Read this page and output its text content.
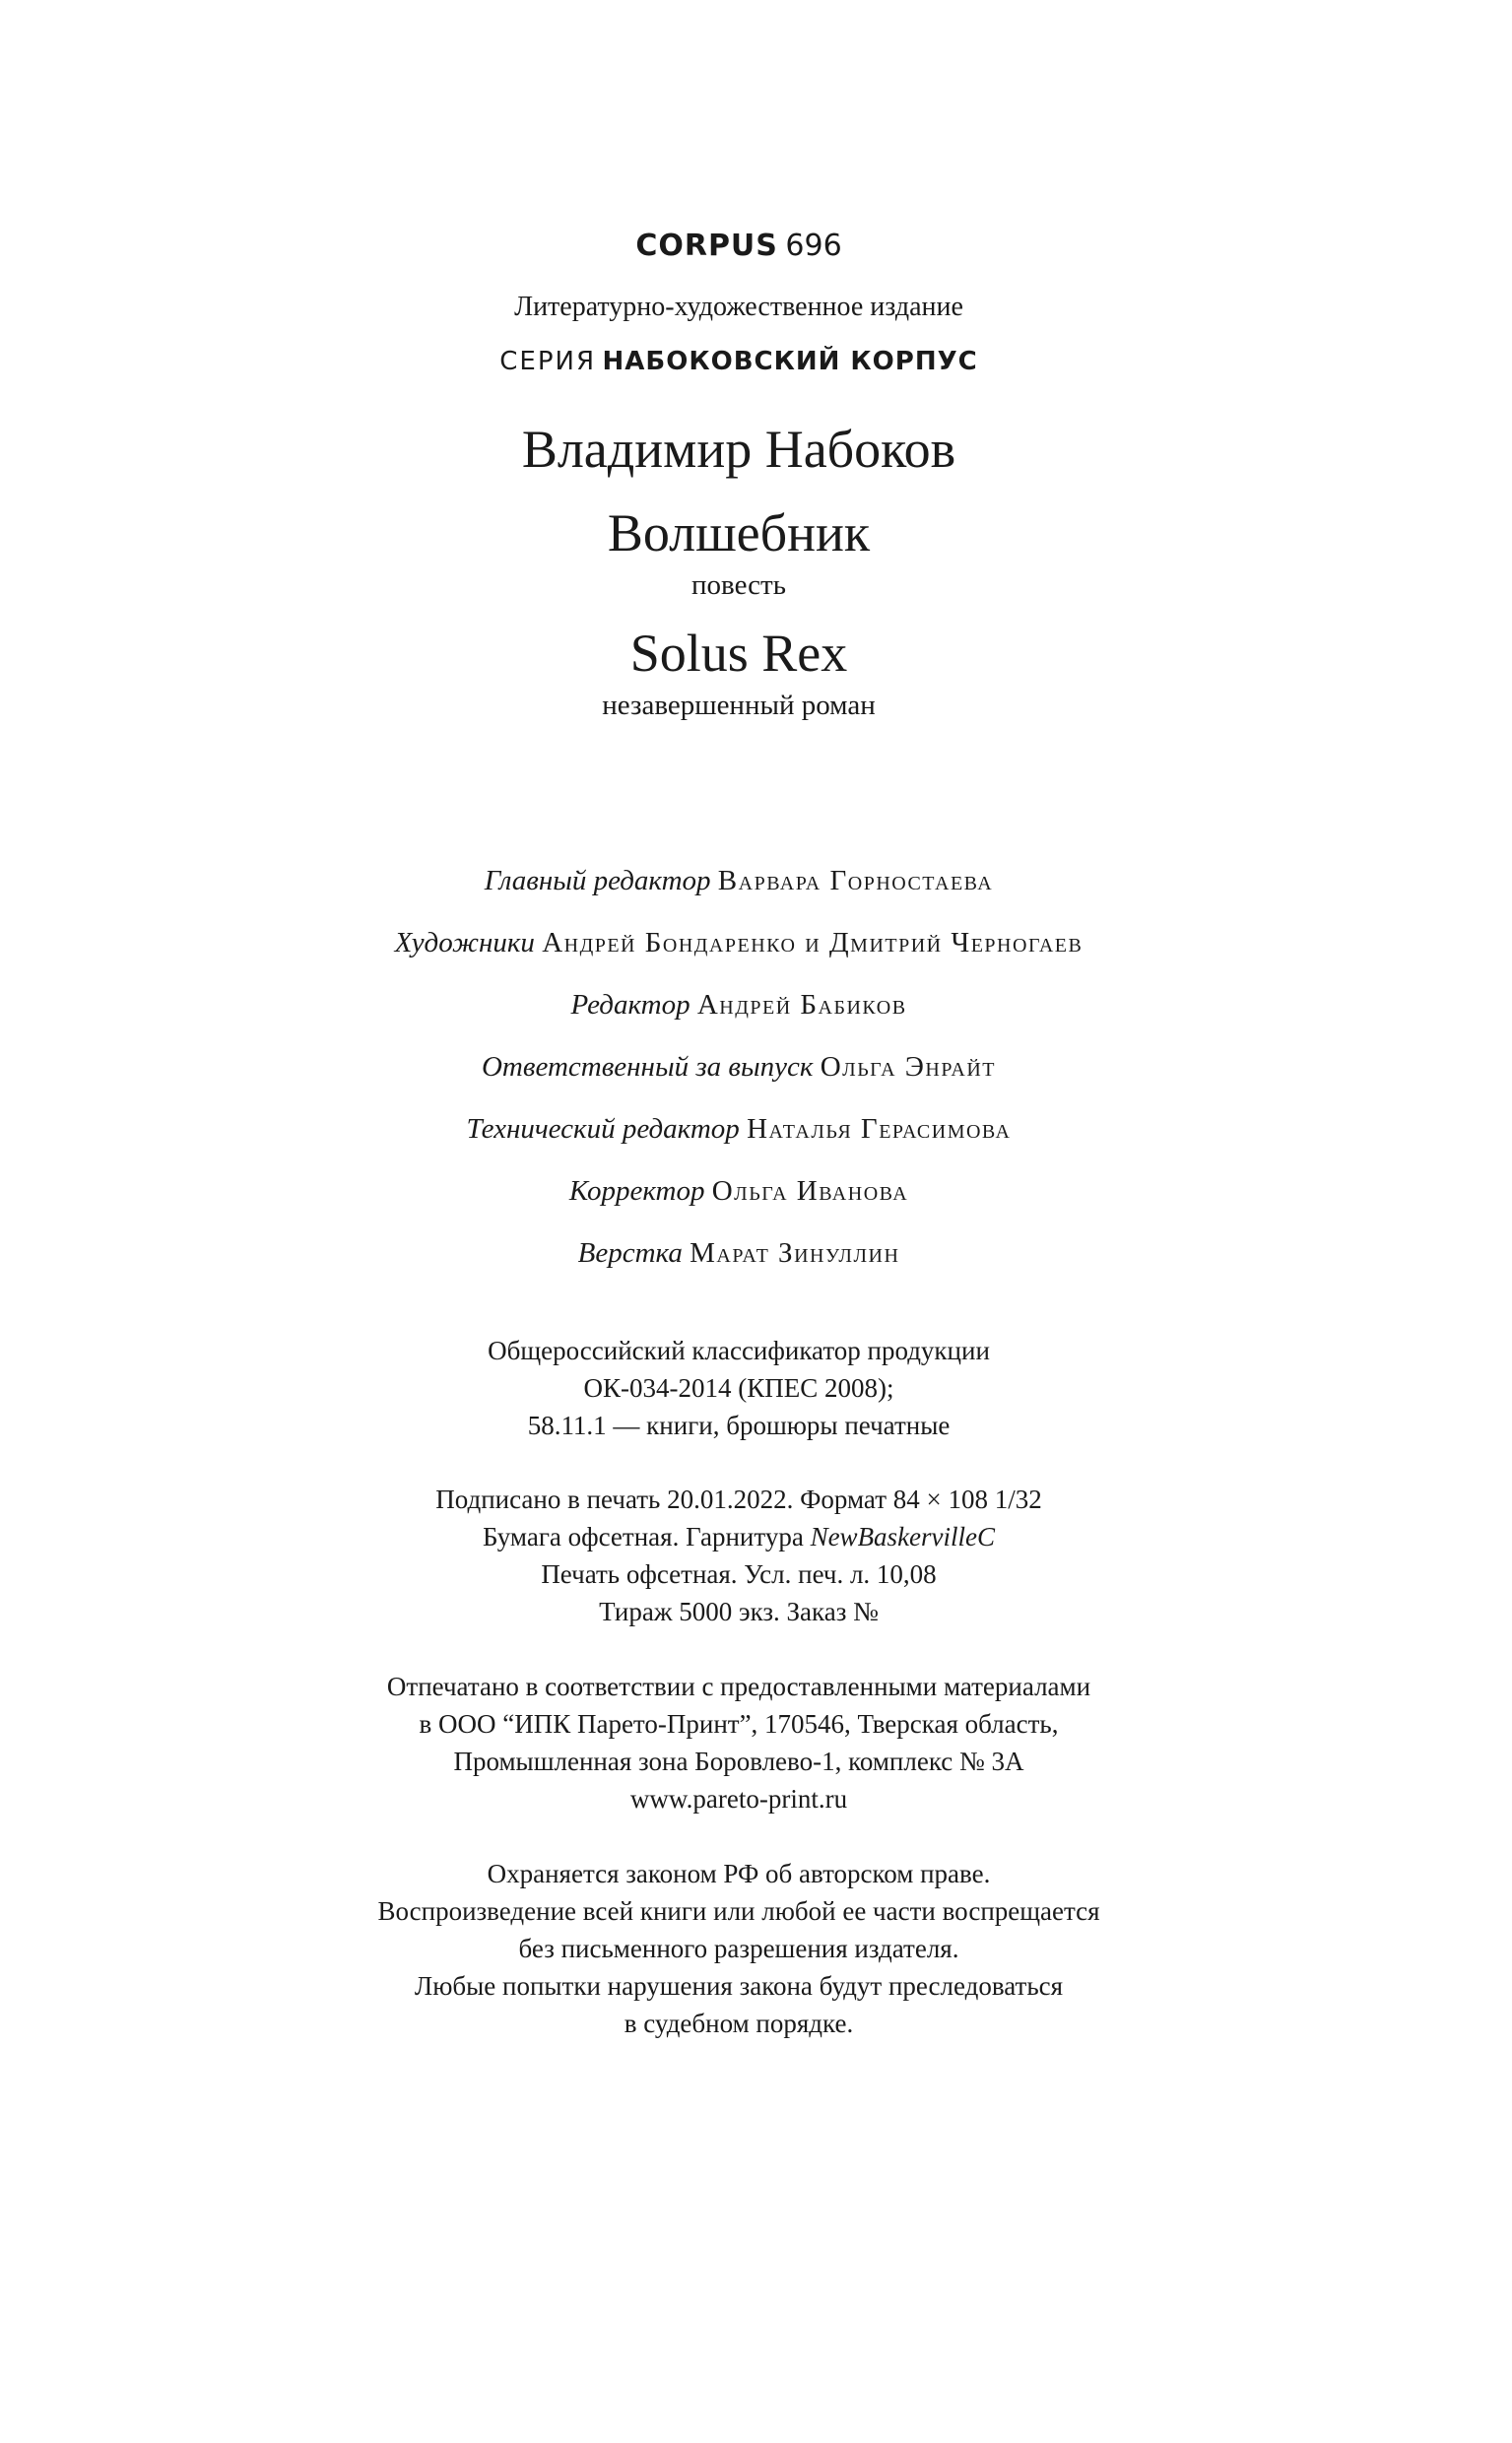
CORPUS 696
Литературно-художественное издание
СЕРИЯ НАБОКОВСКИЙ КОРПУС
Владимир Набоков
Волшебник
повесть
Solus Rex
незавершенный роман
Главный редактор Варвара Горностаева
Художники Андрей Бондаренко и Дмитрий Черногаев
Редактор Андрей Бабиков
Ответственный за выпуск Ольга Энрайт
Технический редактор Наталья Герасимова
Корректор Ольга Иванова
Верстка Марат Зинуллин
Общероссийский классификатор продукции
ОК-034-2014 (КПЕС 2008);
58.11.1 — книги, брошюры печатные
Подписано в печать 20.01.2022. Формат 84 × 108 1/32
Бумага офсетная. Гарнитура NewBaskervilleC
Печать офсетная. Усл. печ. л. 10,08
Тираж 5000 экз. Заказ №
Отпечатано в соответствии с предоставленными материалами
в ООО “ИПК Парето-Принт”, 170546, Тверская область,
Промышленная зона Боровлево-1, комплекс № 3А
www.pareto-print.ru
Охраняется законом РФ об авторском праве.
Воспроизведение всей книги или любой ее части воспрещается
без письменного разрешения издателя.
Любые попытки нарушения закона будут преследоваться
в судебном порядке.
